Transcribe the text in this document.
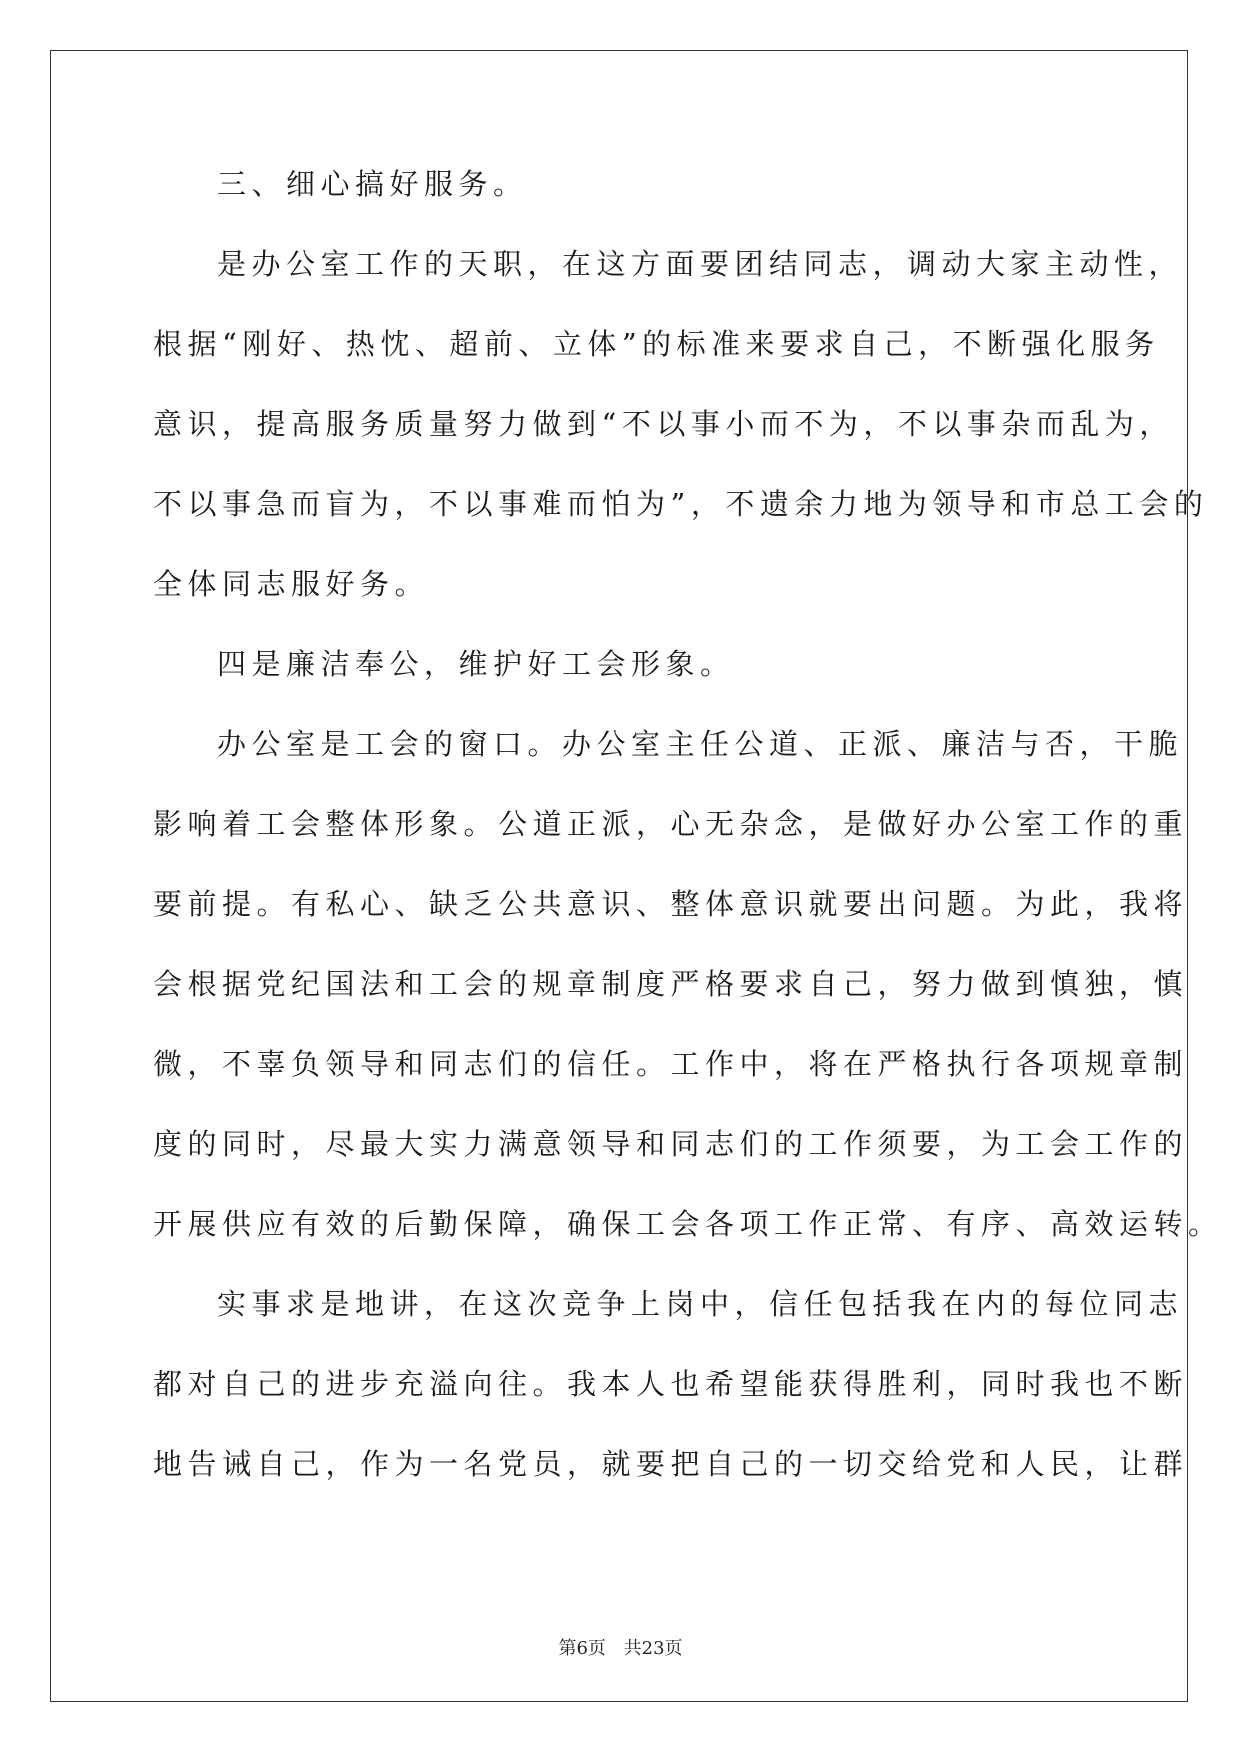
三、细心搞好服务。
是办公室工作的天职，在这方面要团结同志，调动大家主动性，
根据“刚好、热忱、超前、立体”的标准来要求自己，不断强化服务
意识，提高服务质量努力做到“不以事小而不为，不以事杂而乱为，
不以事急而盲为，不以事难而怕为”，不遗余力地为领导和市总工会的
全体同志服好务。
四是廉洁奉公，维护好工会形象。
办公室是工会的窗口。办公室主任公道、正派、廉洁与否，干脆
影响着工会整体形象。公道正派，心无杂念，是做好办公室工作的重
要前提。有私心、缺乏公共意识、整体意识就要出问题。为此，我将
会根据党纪国法和工会的规章制度严格要求自己，努力做到慎独，慎
微，不辜负领导和同志们的信任。工作中，将在严格执行各项规章制
度的同时，尽最大实力满意领导和同志们的工作须要，为工会工作的
开展供应有效的后勤保障，确保工会各项工作正常、有序、高效运转。
实事求是地讲，在这次竞争上岗中，信任包括我在内的每位同志
都对自己的进步充溢向往。我本人也希望能获得胜利，同时我也不断
地告诫自己，作为一名党员，就要把自己的一切交给党和人民，让群
第6页 共23页
